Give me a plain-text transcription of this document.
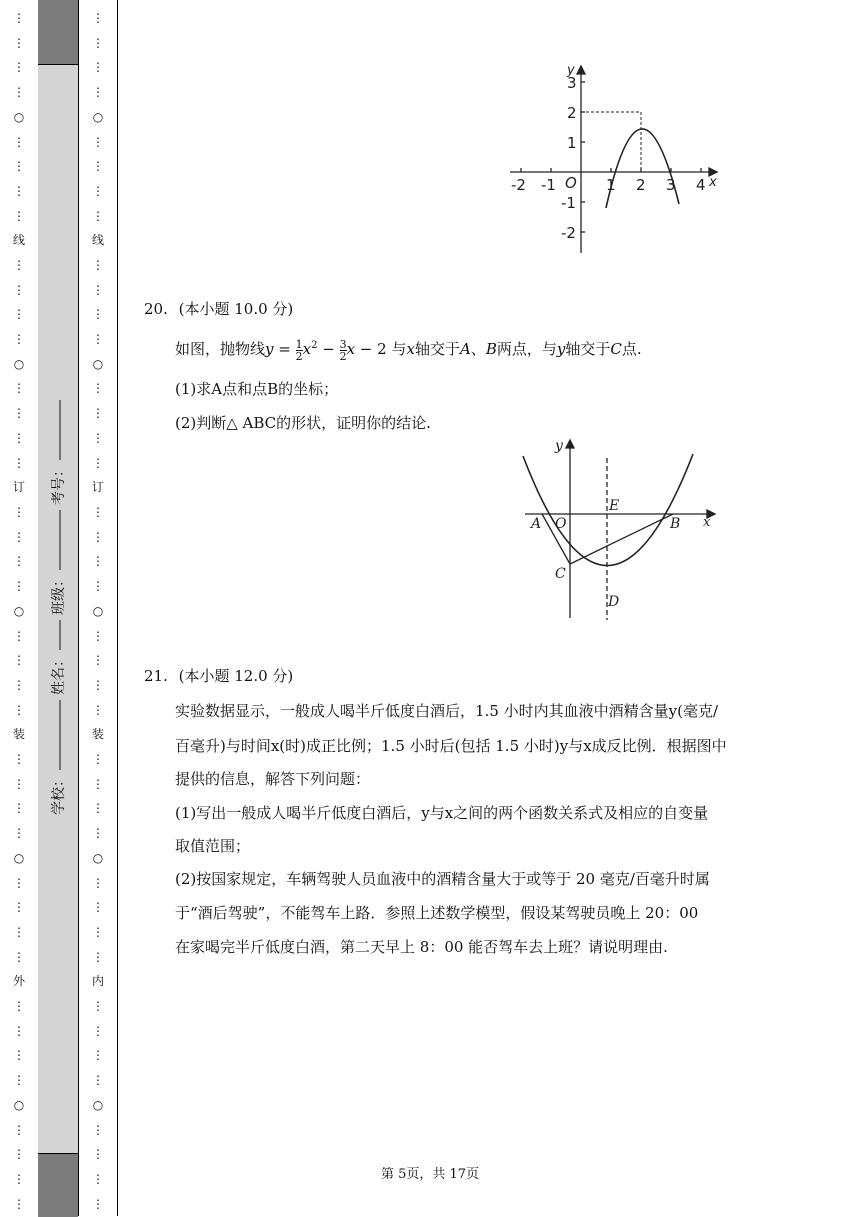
⋮
⋮
⋮
⋮
○
⋮
⋮
⋮
⋮
线
⋮
⋮
⋮
⋮
○
⋮
⋮
⋮
⋮
订
⋮
⋮
⋮
⋮
○
⋮
⋮
⋮
⋮
装
⋮
⋮
⋮
⋮
○
⋮
⋮
⋮
⋮
外
⋮
⋮
⋮
⋮
○
⋮
⋮
⋮
⋮
⋮
⋮
⋮
⋮
○
⋮
⋮
⋮
⋮
线
⋮
⋮
⋮
⋮
○
⋮
⋮
⋮
⋮
订
⋮
⋮
⋮
⋮
○
⋮
⋮
⋮
⋮
装
⋮
⋮
⋮
⋮
○
⋮
⋮
⋮
⋮
内
⋮
⋮
⋮
⋮
○
⋮
⋮
⋮
⋮
学校：
姓名：
班级：
考号：
-2 -1 O 1 2 3 4 x
y
3
2
1
-1
-2
20. (本小题 10.0 分)
如图，抛物线$y = \frac{1}{2} x^2 - \frac{3}{2}$ x − 2 与x轴交于A、B两点，与y轴交于C点.
(1)求A点和点B的坐标；
(2)判断△ ABC的形状，证明你的结论.
y
E
A O	B x
C
D
21. (本小题 12.0 分)
实验数据显示，一般成人喝半斤低度白酒后，1.5 小时内其血液中酒精含量y(毫克/
百毫升)与时间x(时)成正比例；1.5 小时后(包括 1.5 小时)y与x成反比例．根据图中
提供的信息，解答下列问题：
(1)写出一般成人喝半斤低度白酒后，y与x之间的两个函数关系式及相应的自变量
取值范围；
(2)按国家规定，车辆驾驶人员血液中的酒精含量大于或等于 20 毫克/百毫升时属
于“酒后驾驶”，不能驾车上路．参照上述数学模型，假设某驾驶员晚上 20：00
在家喝完半斤低度白酒，第二天早上 8：00 能否驾车去上班？请说明理由.
第 5页，共 17页
